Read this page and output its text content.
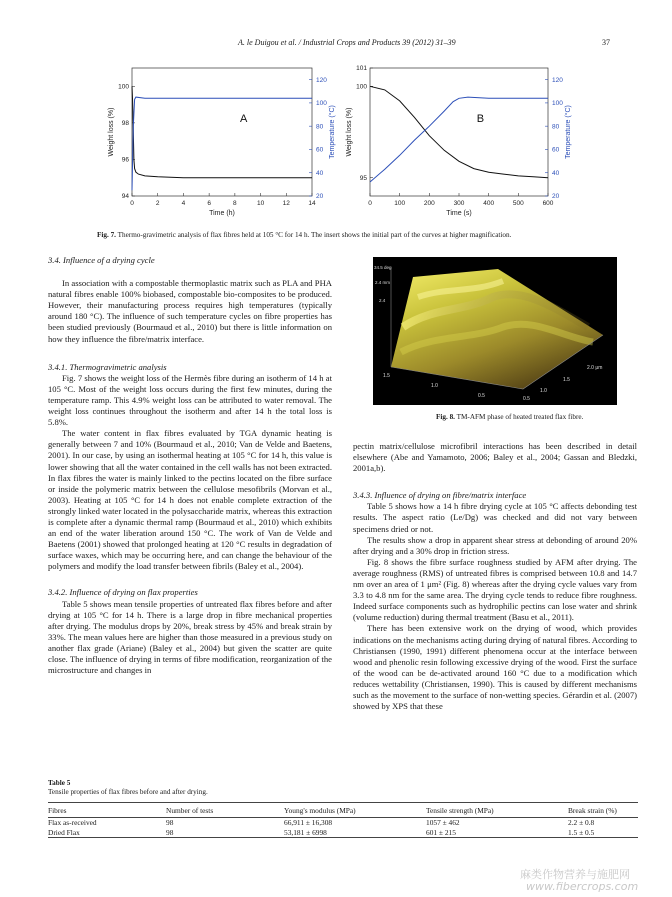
A. le Duigou et al. / Industrial Crops and Products 39 (2012) 31–39	37
0	2	4	6	8	10	12	14
94
96
98
100
20
40
60
80
100
120
Time (h)
Weight loss (%)	Temperature (°C)
A
0	100	200	300	400	500	600
95
100
101
20
40
60
80
100
120
Time (s)
Weight loss (%)	Temperature (°C)
B
Fig. 7. Thermo-gravimetric analysis of flax fibres held at 105 °C for 14 h. The insert shows the initial part of the curves at higher magnification.

3.4. Influence of a drying cycle

In association with a compostable thermoplastic matrix such as PLA and PHA natural fibres enable 100% biobased, compostable bio-composites to be produced. However, their manufacturing process requires high temperatures (typically around 180 °C). The influence of such temperature cycles on fibre properties has been studied previously (Bourmaud et al., 2010) but there is little information on how they influence the fibre/matrix interface.

3.4.1. Thermogravimetric analysis

Fig. 7 shows the weight loss of the Hermès fibre during an isotherm of 14 h at 105 °C. Most of the weight loss occurs during the first few minutes, during the temperature ramp. This 4.9% weight loss can be attributed to water removal. The weight loss continues throughout the isotherm and after 14 h the total loss is 5.8%.

The water content in flax fibres evaluated by TGA dynamic heating is generally between 7 and 10% (Bourmaud et al., 2010; Van de Velde and Baetens, 2001). In our case, by using an isothermal heating at 105 °C for 14 h, this value is lower showing that all the water contained in the cell walls has not been extracted. In flax fibres the water is mainly linked to the pectins located on the fibre surface or inside the polymeric matrix between the cellulose mesofibrils (Morvan et al., 2003). Heating at 105 °C for 14 h does not enable complete extraction of the strongly linked water located in the polysaccharide matrix, whereas this extraction is complete after a dynamic thermal ramp (Bourmaud et al., 2010) which exhibits an end of the water liberation around 150 °C. The work of Van de Velde and Baetens (2001) showed that prolonged heating at 120 °C results in degradation of surface waxes, which may be occurring here, and can change the behaviour of the polymers and modify the load transfer between fibrils (Baley et al., 2004).

3.4.2. Influence of drying on flax properties

Table 5 shows mean tensile properties of untreated flax fibres before and after drying at 105 °C for 14 h. There is a large drop in fibre mechanical properties after drying. The modulus drops by 20%, break stress by 45% and break strain by 33%. The mean values here are higher than those measured in a previous study on another flax grade (Ariane) (Baley et al., 2004) but given the scatter are quite close. The influence of drying in terms of fibre modification, reorganization of the microstructure and changes in

34.5 deg
2.4 mm
2.4
1.5
1.0
0.5
1.5
2.0 μm
1.0
0.5
Fig. 8. TM-AFM phase of heated treated flax fibre.

pectin matrix/cellulose microfibril interactions has been described in detail elsewhere (Abe and Yamamoto, 2006; Baley et al., 2004; Gassan and Bledzki, 2001a,b).

3.4.3. Influence of drying on fibre/matrix interface

Table 5 shows how a 14 h fibre drying cycle at 105 °C affects debonding test results. The aspect ratio (Le/Dg) was checked and did not vary between specimens dried or not.

The results show a drop in apparent shear stress at debonding of around 20% after drying and a 30% drop in friction stress.

Fig. 8 shows the fibre surface roughness studied by AFM after drying. The average roughness (RMS) of untreated fibres is comprised between 10.8 and 14.7 nm over an area of 1 μm² (Fig. 8) whereas after the drying cycle values vary from 3.3 to 4.8 nm for the same area. The drying cycle tends to reduce fibre roughness. Indeed surface components such as hydrophilic pectins can lose water and shrink (volume reduction) during thermal treatment (Basu et al., 2011).

There has been extensive work on the drying of wood, which provides indications on the mechanisms acting during drying of natural fibres. According to Christiansen (1990, 1991) different phenomena occur at the interface between wood and phenolic resin following excessive drying of the wood. First the surface of the wood can be de-activated around 160 °C due to a modification which reduces wettability (Christiansen, 1990). This is caused by different mechanisms such as the movement to the surface of non-wetting species. Gérardin et al. (2007) showed by XPS that these

Table 5
Tensile properties of flax fibres before and after drying.
Fibres	Number of tests	Young's modulus (MPa)	Tensile strength (MPa)	Break strain (%)
Flax as-received	98	66,911 ± 16,308	1057 ± 462	2.2 ± 0.8
Dried Flax	98	53,181 ± 6998	601 ± 215	1.5 ± 0.5
麻类作物营养与施肥网
www.fibercrops.com
